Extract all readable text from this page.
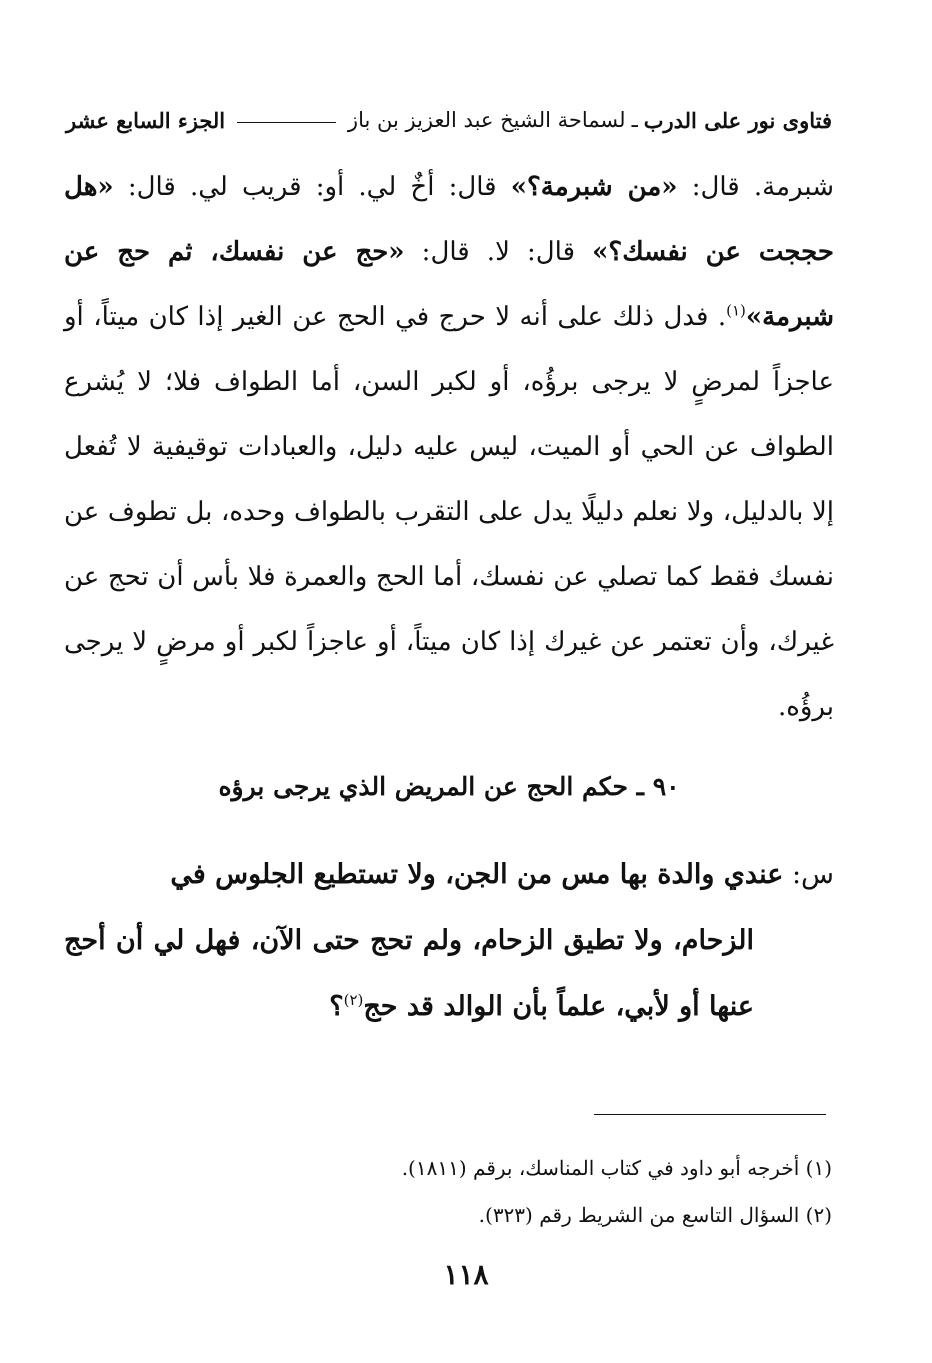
فتاوى نور على الدرب
ـ
لسماحة الشيخ عبد العزيز بن باز
الجزء السابع عشر
شبرمة. قال: «من شبرمة؟» قال: أخٌ لي. أو: قريب لي. قال: «هل حججت عن نفسك؟» قال: لا. قال: «حج عن نفسك، ثم حج عن شبرمة»$^{(١)}$. فدل ذلك على أنه لا حرج في الحج عن الغير إذا كان ميتاً، أو عاجزاً لمرضٍ لا يرجى برؤُه، أو لكبر السن، أما الطواف فلا؛ لا يُشرع الطواف عن الحي أو الميت، ليس عليه دليل، والعبادات توقيفية لا تُفعل إلا بالدليل، ولا نعلم دليلًا يدل على التقرب بالطواف وحده، بل تطوف عن نفسك فقط كما تصلي عن نفسك، أما الحج والعمرة فلا بأس أن تحج عن غيرك، وأن تعتمر عن غيرك إذا كان ميتاً، أو عاجزاً لكبر أو مرضٍ لا يرجى برؤُه.
٩٠ ـ حكم الحج عن المريض الذي يرجى برؤه
س: عندي والدة بها مس من الجن، ولا تستطيع الجلوس في
الزحام، ولا تطيق الزحام، ولم تحج حتى الآن، فهل لي أن أحج عنها أو لأبي، علماً بأن الوالد قد حج$^{(٢)}$؟
(١) أخرجه أبو داود في كتاب المناسك، برقم (١٨١١).
(٢) السؤال التاسع من الشريط رقم (٣٢٣).
١١٨
